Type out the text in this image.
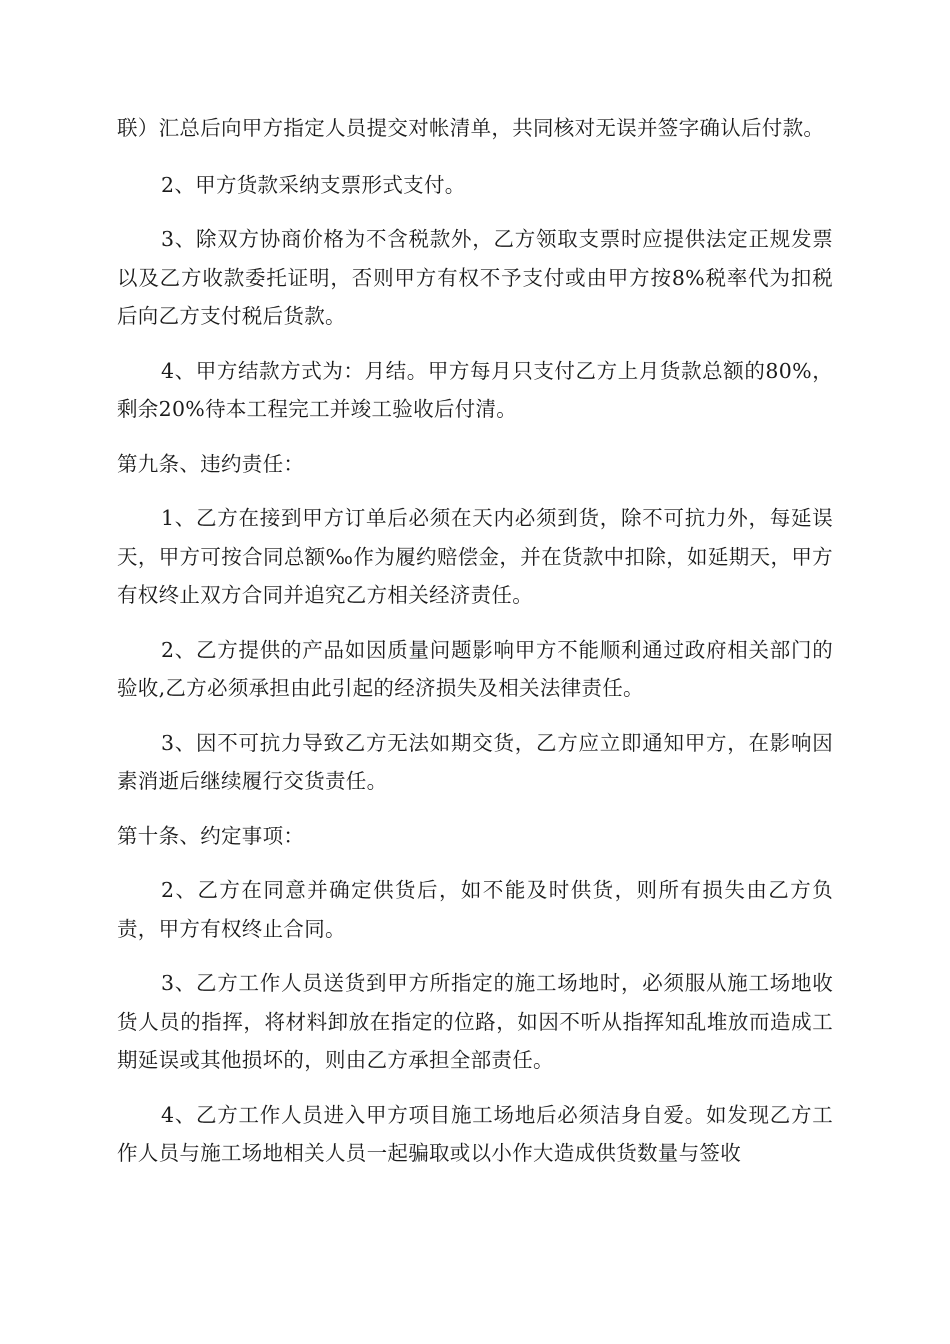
联）汇总后向甲方指定人员提交对帐清单，共同核对无误并签字确认后付款。

2、甲方货款采纳支票形式支付。

3、除双方协商价格为不含税款外，乙方领取支票时应提供法定正规发票以及乙方收款委托证明，否则甲方有权不予支付或由甲方按8%税率代为扣税后向乙方支付税后货款。

4、甲方结款方式为：月结。甲方每月只支付乙方上月货款总额的80%，剩余20%待本工程完工并竣工验收后付清。

第九条、违约责任：

1、乙方在接到甲方订单后必须在天内必须到货，除不可抗力外，每延误天，甲方可按合同总额‰作为履约赔偿金，并在货款中扣除，如延期天，甲方有权终止双方合同并追究乙方相关经济责任。

2、乙方提供的产品如因质量问题影响甲方不能顺利通过政府相关部门的验收,乙方必须承担由此引起的经济损失及相关法律责任。

3、因不可抗力导致乙方无法如期交货，乙方应立即通知甲方，在影响因素消逝后继续履行交货责任。

第十条、约定事项：

2、乙方在同意并确定供货后，如不能及时供货，则所有损失由乙方负责，甲方有权终止合同。

3、乙方工作人员送货到甲方所指定的施工场地时，必须服从施工场地收货人员的指挥，将材料卸放在指定的位路，如因不听从指挥知乱堆放而造成工期延误或其他损坏的，则由乙方承担全部责任。

4、乙方工作人员进入甲方项目施工场地后必须洁身自爱。如发现乙方工作人员与施工场地相关人员一起骗取或以小作大造成供货数量与签收
